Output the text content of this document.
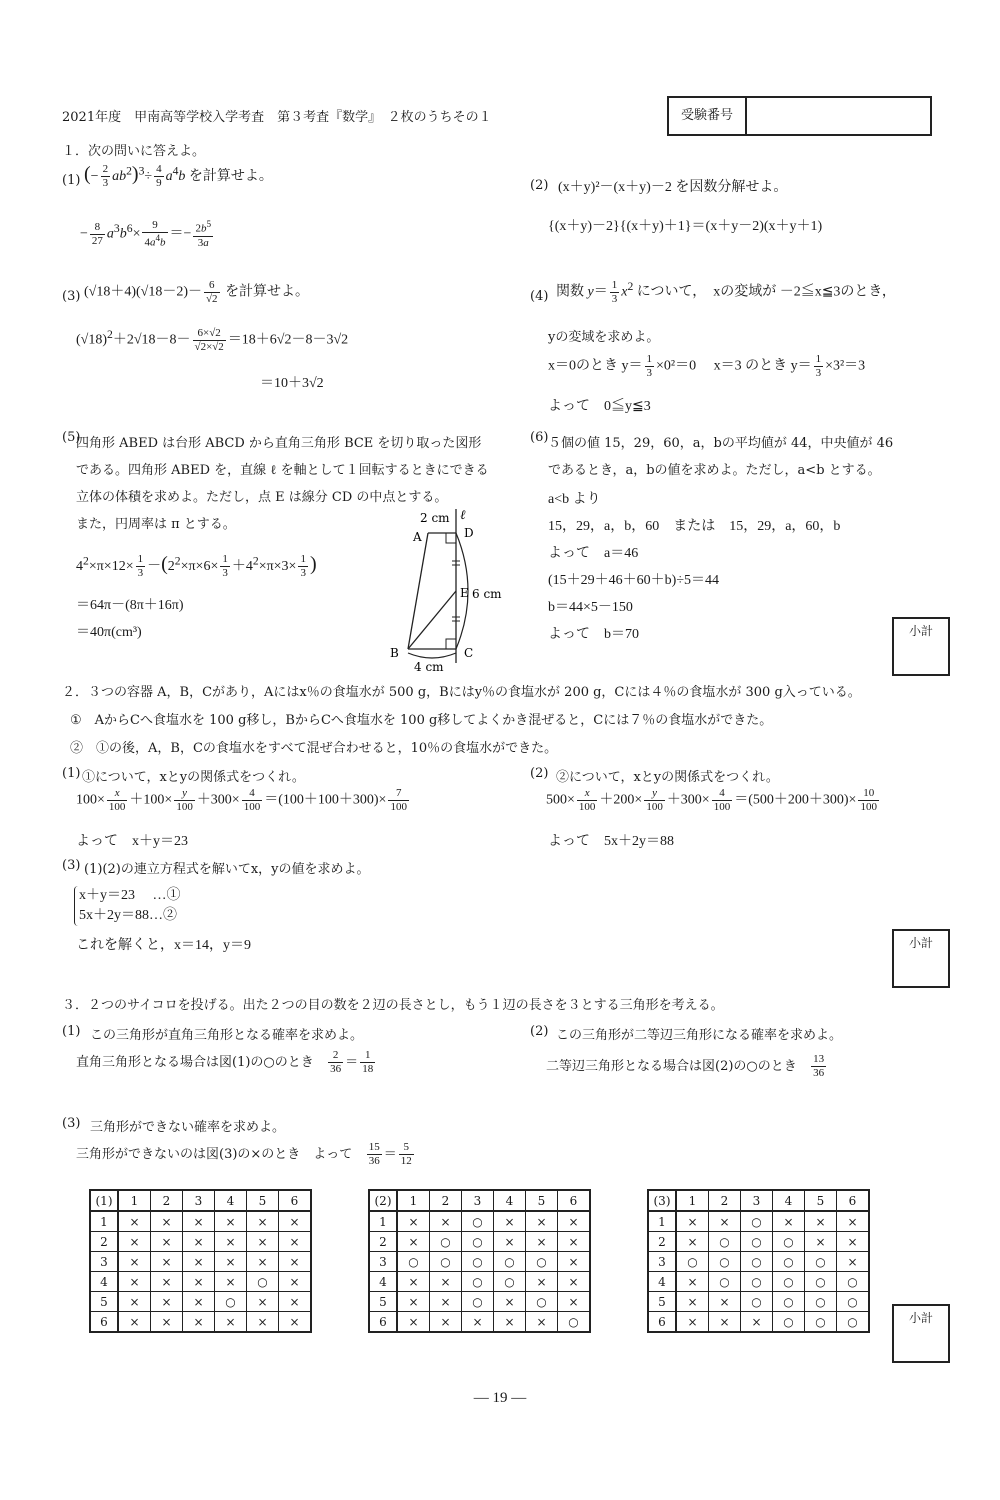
2021年度　甲南高等学校入学考査　第３考査『数学』　２枚のうちその１	受験番号
１．次の問いに答えよ。
(1) (− $\frac{2}{3} ab^2)^3\div \frac{4}{9} a^4b$ を計算せよ。
− $\frac{8}{27} a^3b^6\times \frac{9}{4a^4b} =- \frac{2b^5}{3a}$
(2) (x＋y)²－(x＋y)－2 を因数分解せよ。
{(x＋y)－2}{(x＋y)＋1}＝(x＋y－2)(x＋y＋1)
(3) $(√18+4)(√18-2)- \frac{6}{√2}$ を計算せよ。
$(√18)^2+2√18-8- \frac{6\times√2}{√2\times√2} =18+6√2-8-3√2$
＝10＋3√2
(4) 関数 $y= \frac{1}{3} x^2$ について，　xの変域が －2≦x≦3のとき，
yの変域を求めよ。
x＝0のとき $y= \frac{1}{3} \times 0^2=0$ x＝3 のとき $y= \frac{1}{3} \times 3^2=3$
よって　0≦y≦3
(5)
四角形 ABED は台形 ABCD から直角三角形 BCE を切り取った図形
である。四角形 ABED を，直線 ℓ を軸として１回転するときにできる
立体の体積を求めよ。ただし，点 E は線分 CD の中点とする。
また，円周率は π とする。
$4^2\times\pi\times 12\times \frac{1}{3} -(2^2\times\pi\times 6\times \frac{1}{3} +4^2\times\pi\times 3\times \frac{1}{3}$ )
＝64π－(8π＋16π)
＝40π(cm³)
2 cm ℓ
A	D
E 6 cm
B	C
4 cm
(6) ５個の値 15，29，60，a，bの平均値が 44，中央値が 46
であるとき，a，bの値を求めよ。ただし，a<b とする。
a<b より
15，29，a，b，60　または　15，29，a，60，b
よって　a＝46
(15＋29＋46＋60＋b)÷5＝44
b＝44×5－150
よって　b＝70	小計
２．３つの容器 A，B，Cがあり，Aにはx％の食塩水が 500 g，Bにはy％の食塩水が 200 g，Cには４％の食塩水が 300 g入っている。
①　AからCへ食塩水を 100 g移し，BからCへ食塩水を 100 g移してよくかき混ぜると，Cには７％の食塩水ができた。
②　①の後，A，B，Cの食塩水をすべて混ぜ合わせると，10％の食塩水ができた。
(1) ①について，xとyの関係式をつくれ。
$100\times \frac{x}{100} +100\times \frac{y}{100} +300\times \frac{4}{100} =(100+100+300)\times \frac{7}{100}$
よって　x＋y＝23
(2) ②について，xとyの関係式をつくれ。
$500\times \frac{x}{100} +200\times \frac{y}{100} +300\times \frac{4}{100} =(500+200+300)\times \frac{10}{100}$
よって　5x＋2y＝88
(3) (1)(2)の連立方程式を解いてx，yの値を求めよ。
x＋y＝23　 …①
5x＋2y＝88…②
これを解くと，x＝14，y＝9	小計
３．２つのサイコロを投げる。出た２つの目の数を２辺の長さとし，もう１辺の長さを３とする三角形を考える。
(1) この三角形が直角三角形となる確率を求めよ。
直角三角形となる場合は図(1)の○のとき $\frac{2}{36} = \frac{1}{18}$
(2) この三角形が二等辺三角形になる確率を求めよ。
二等辺三角形となる場合は図(2)の○のとき $\frac{13}{36}$
(3) 三角形ができない確率を求めよ。
三角形ができないのは図(3)の×のとき　よって $\frac{15}{36} = \frac{5}{12}$
(1)	1	2	3	4	5	6
1	×	×	×	×	×	×
2	×	×	×	×	×	×
3	×	×	×	×	×	×
4	×	×	×	×	○	×
5	×	×	×	○	×	×
6	×	×	×	×	×	×
(2)	1	2	3	4	5	6
1	×	×	○	×	×	×
2	×	○	○	×	×	×
3	○	○	○	○	○	×
4	×	×	○	○	×	×
5	×	×	○	×	○	×
6	×	×	×	×	×	○
(3)	1	2	3	4	5	6
1	×	×	○	×	×	×
2	×	○	○	○	×	×
3	○	○	○	○	○	×
4	×	○	○	○	○	○
5	×	×	○	○	○	○
6	×	×	×	○	○	○	小計
― 19 ―
